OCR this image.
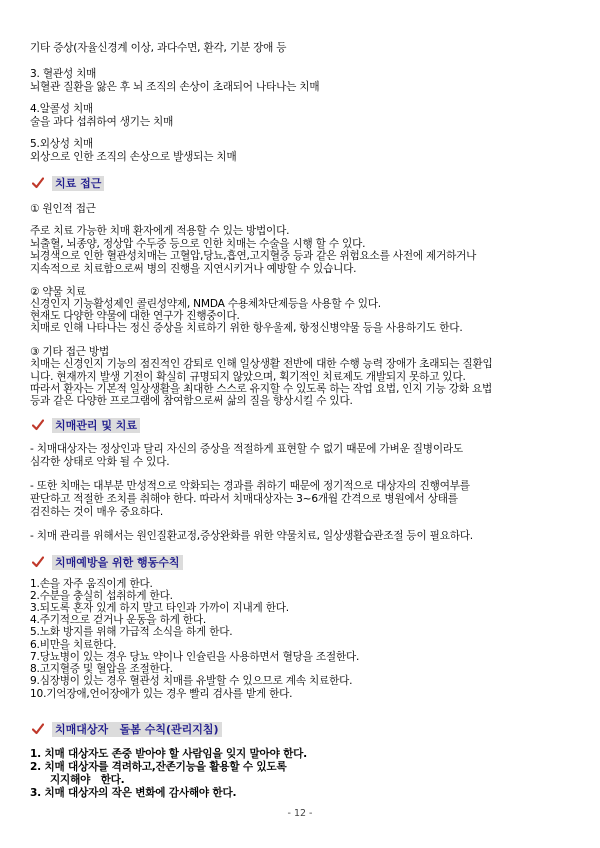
기타 증상(자율신경계 이상, 과다수면, 환각, 기분 장애 등
3. 혈관성 치매
뇌혈관 질환을 앓은 후 뇌 조직의 손상이 초래되어 나타나는 치매
4.알콜성 치매
술을 과다 섭취하여 생기는 치매
5.외상성 치매
외상으로 인한 조직의 손상으로 발생되는 치매
치료 접근
① 원인적 접근
주로 치료 가능한 치매 환자에게 적용할 수 있는 방법이다.
뇌출혈, 뇌종양, 정상압 수두증 등으로 인한 치매는 수술을 시행 할 수 있다.
뇌경색으로 인한 혈관성치매는 고혈압,당뇨,흡연,고지혈증 등과 같은 위험요소를 사전에 제거하거나
지속적으로 치료함으로써 병의 진행을 지연시키거나 예방할 수 있습니다.
② 약물 치료
신경인지 기능활성제인 콜린성약제, NMDA 수용체차단제등을 사용할 수 있다.
현재도 다양한 약물에 대한 연구가 진행중이다.
치매로 인해 나타나는 정신 증상을 치료하기 위한 항우울제, 항정신병약물 등을 사용하기도 한다.
③ 기타 접근 방법
치매는 신경인지 기능의 점진적인 감퇴로 인해 일상생활 전반에 대한 수행 능력 장애가 초래되는 질환입
니다. 현재까지 발생 기전이 확실히 규명되지 않았으며, 획기적인 치료제도 개발되지 못하고 있다.
따라서 환자는 기본적 일상생활을 최대한 스스로 유지할 수 있도록 하는 작업 요법, 인지 기능 강화 요법
등과 같은 다양한 프로그램에 참여함으로써 삶의 질을 향상시킬 수 있다.
치매관리 및 치료
- 치매대상자는 정상인과 달리 자신의 증상을 적절하게 표현할 수 없기 때문에 가벼운 질병이라도
심각한 상태로 악화 될 수 있다.
- 또한 치매는 대부분 만성적으로 악화되는 경과를 취하기 때문에 정기적으로 대상자의 진행여부를
판단하고 적절한 조치를 취해야 한다. 따라서 치매대상자는 3~6개월 간격으로 병원에서 상태를
검진하는 것이 매우 중요하다.
- 치매 관리를 위해서는 원인질환교정,증상완화를 위한 약물치료, 일상생활습관조절 등이 필요하다.
치매예방을 위한 행동수칙
1.손을 자주 움직이게 한다.
2.수분을 충실히 섭취하게 한다.
3.되도록 혼자 있게 하지 말고 타인과 가까이 지내게 한다.
4.주기적으로 걷거나 운동을 하게 한다.
5.노화 방지를 위해 가급적 소식을 하게 한다.
6.비만을 치료한다.
7.당뇨병이 있는 경우 당뇨 약이나 인슐린을 사용하면서 혈당을 조절한다.
8.고지혈증 및 혈압을 조절한다.
9.심장병이 있는 경우 혈관성 치매를 유발할 수 있으므로 계속 치료한다.
10.기억장애,언어장애가 있는 경우 빨리 검사를 받게 한다.
치매대상자   돌봄 수칙(관리지침)
1. 치매 대상자도 존중 받아야 할 사람임을 잊지 말아야 한다.
2. 치매 대상자를 격려하고,잔존기능을 활용할 수 있도록
지지해야   한다.
3. 치매 대상자의 작은 변화에 감사해야 한다.
- 12 -
